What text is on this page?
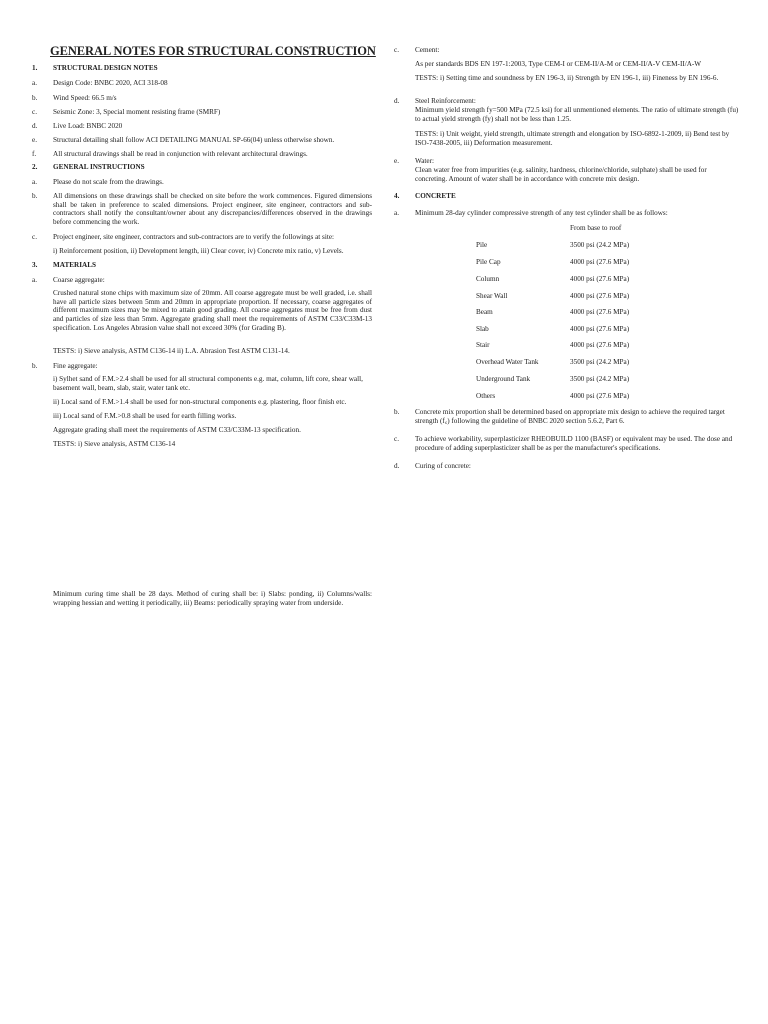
GENERAL NOTES FOR STRUCTURAL CONSTRUCTION
1.	STRUCTURAL DESIGN NOTES
a.	Design Code: BNBC 2020, ACI 318-08
b.	Wind Speed: 66.5 m/s
c.	Seismic Zone: 3, Special moment resisting frame (SMRF)
d.	Live Load: BNBC 2020
e.	Structural detailing shall follow ACI DETAILING MANUAL SP-66(04) unless otherwise shown.
f.	All structural drawings shall be read in conjunction with relevant architectural drawings.
2.	GENERAL INSTRUCTIONS
a.	Please do not scale from the drawings.
b.	All dimensions on these drawings shall be checked on site before the work commences. Figured dimensions shall be taken in preference to scaled dimensions. Project engineer, site engineer, contractors and sub-contractors shall notify the consultant/owner about any discrepancies/differences observed in the drawings before commencing the work.
c.	Project engineer, site engineer, contractors and sub-contractors are to verify the followings at site:
i) Reinforcement position, ii) Development length, iii) Clear cover, iv) Concrete mix ratio, v) Levels.
3.	MATERIALS
a.	Coarse aggregate:
Crushed natural stone chips with maximum size of 20mm. All coarse aggregate must be well graded, i.e. shall have all particle sizes between 5mm and 20mm in appropriate proportion. If necessary, coarse aggregates of different maximum sizes may be mixed to attain good grading. All coarse aggregates must be free from dust and particles of size less than 5mm. Aggregate grading shall meet the requirements of ASTM C33/C33M-13 specification. Los Angeles Abrasion value shall not exceed 30% (for Grading B).
TESTS: i) Sieve analysis, ASTM C136-14 ii) L.A. Abrasion Test ASTM C131-14.
b.	Fine aggregate:
i) Sylhet sand of F.M.>2.4 shall be used for all structural components e.g. mat, column, lift core, shear wall, basement wall, beam, slab, stair, water tank etc.
ii) Local sand of F.M.>1.4 shall be used for non-structural components e.g. plastering, floor finish etc.
iii) Local sand of F.M.>0.8 shall be used for earth filling works.
Aggregate grading shall meet the requirements of ASTM C33/C33M-13 specification.
TESTS: i) Sieve analysis, ASTM C136-14
Minimum curing time shall be 28 days. Method of curing shall be: i) Slabs: ponding, ii) Columns/walls: wrapping hessian and wetting it periodically, iii) Beams: periodically spraying water from underside.
c.	Cement:
As per standards BDS EN 197-1:2003, Type CEM-I or CEM-II/A-M or CEM-II/A-V CEM-II/A-W
TESTS: i) Setting time and soundness by EN 196-3, ii) Strength by EN 196-1, iii) Fineness by EN 196-6.
d.	Steel Reinforcement:
Minimum yield strength fy=500 MPa (72.5 ksi) for all unmentioned elements. The ratio of ultimate strength (fu) to actual yield strength (fy) shall not be less than 1.25.
TESTS: i) Unit weight, yield strength, ultimate strength and elongation by ISO-6892-1-2009, ii) Bend test by ISO-7438-2005, iii) Deformation measurement.
e.	Water:
Clean water free from impurities (e.g. salinity, hardness, chlorine/chloride, sulphate) shall be used for concreting. Amount of water shall be in accordance with concrete mix design.
4.	CONCRETE
a.	Minimum 28-day cylinder compressive strength of any test cylinder shall be as follows:
From base to roof
Pile	3500 psi (24.2 MPa)
Pile Cap	4000 psi (27.6 MPa)
Column	4000 psi (27.6 MPa)
Shear Wall	4000 psi (27.6 MPa)
Beam	4000 psi (27.6 MPa)
Slab	4000 psi (27.6 MPa)
Stair	4000 psi (27.6 MPa)
Overhead Water Tank	3500 psi (24.2 MPa)
Underground Tank	3500 psi (24.2 MPa)
Others	4000 psi (27.6 MPa)
b.	Concrete mix proportion shall be determined based on appropriate mix design to achieve the required target strength (f꜀) following the guideline of BNBC 2020 section 5.6.2, Part 6.
c.	To achieve workability, superplasticizer RHEOBUILD 1100 (BASF) or equivalent may be used. The dose and procedure of adding superplasticizer shall be as per the manufacturer's specifications.
d.	Curing of concrete:
